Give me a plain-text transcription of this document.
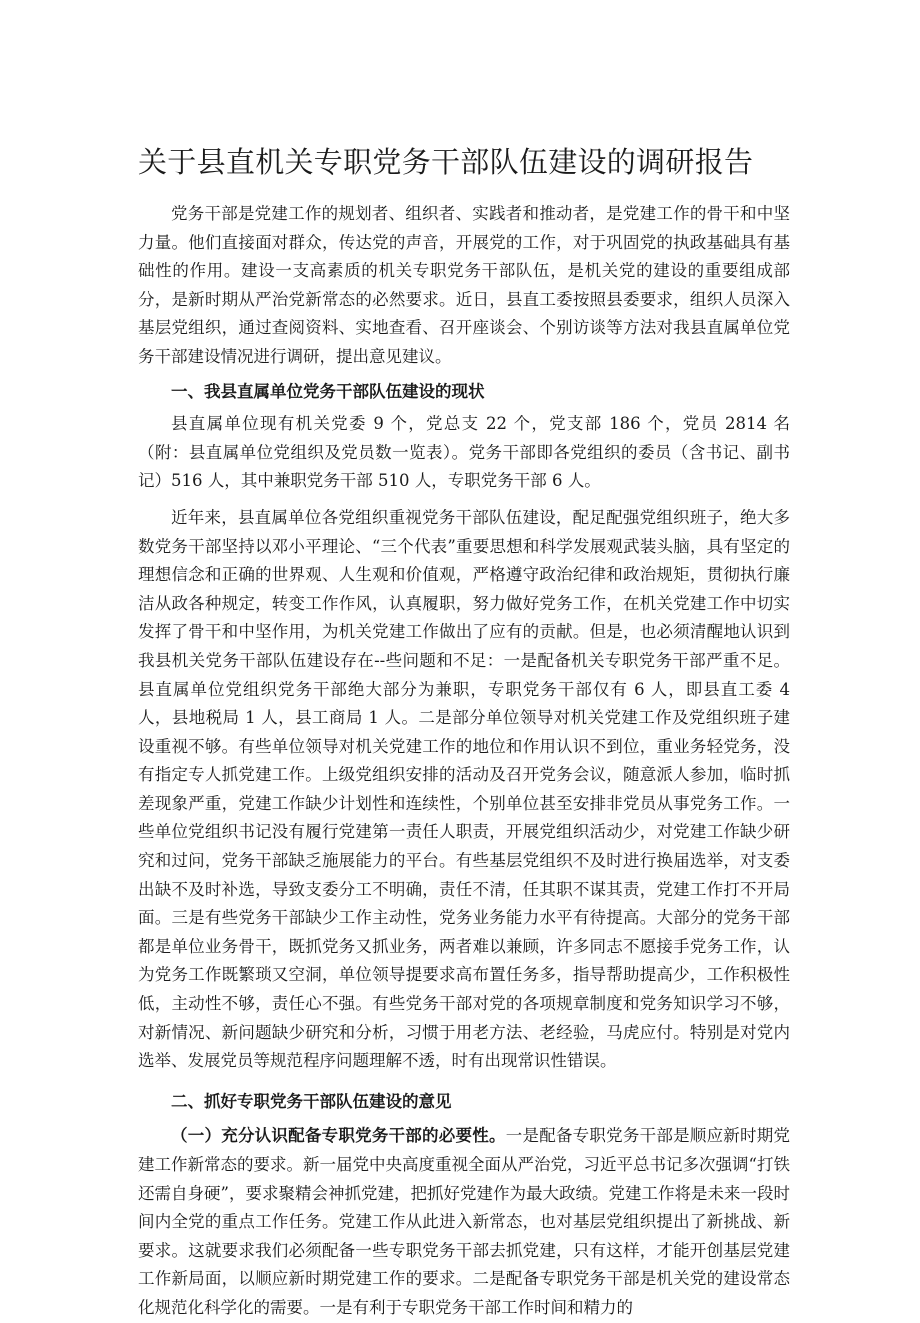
关于县直机关专职党务干部队伍建设的调研报告

党务干部是党建工作的规划者、组织者、实践者和推动者，是党建工作的骨干和中坚力量。他们直接面对群众，传达党的声音，开展党的工作，对于巩固党的执政基础具有基础性的作用。建设一支高素质的机关专职党务干部队伍，是机关党的建设的重要组成部分，是新时期从严治党新常态的必然要求。近日，县直工委按照县委要求，组织人员深入基层党组织，通过查阅资料、实地查看、召开座谈会、个别访谈等方法对我县直属单位党务干部建设情况进行调研，提出意见建议。

一、我县直属单位党务干部队伍建设的现状

县直属单位现有机关党委 9 个，党总支 22 个，党支部 186 个，党员 2814 名（附：县直属单位党组织及党员数一览表）。党务干部即各党组织的委员（含书记、副书记）516 人，其中兼职党务干部 510 人，专职党务干部 6 人。

近年来，县直属单位各党组织重视党务干部队伍建设，配足配强党组织班子，绝大多数党务干部坚持以邓小平理论、“三个代表”重要思想和科学发展观武装头脑，具有坚定的理想信念和正确的世界观、人生观和价值观，严格遵守政治纪律和政治规矩，贯彻执行廉洁从政各种规定，转变工作作风，认真履职，努力做好党务工作，在机关党建工作中切实发挥了骨干和中坚作用，为机关党建工作做出了应有的贡献。但是，也必须清醒地认识到我县机关党务干部队伍建设存在--些问题和不足：一是配备机关专职党务干部严重不足。县直属单位党组织党务干部绝大部分为兼职，专职党务干部仅有 6 人，即县直工委 4 人，县地税局 1 人，县工商局 1 人。二是部分单位领导对机关党建工作及党组织班子建设重视不够。有些单位领导对机关党建工作的地位和作用认识不到位，重业务轻党务，没有指定专人抓党建工作。上级党组织安排的活动及召开党务会议，随意派人参加，临时抓差现象严重，党建工作缺少计划性和连续性，个别单位甚至安排非党员从事党务工作。一些单位党组织书记没有履行党建第一责任人职责，开展党组织活动少，对党建工作缺少研究和过问，党务干部缺乏施展能力的平台。有些基层党组织不及时进行换届选举，对支委出缺不及时补选，导致支委分工不明确，责任不清，任其职不谋其责，党建工作打不开局面。三是有些党务干部缺少工作主动性，党务业务能力水平有待提高。大部分的党务干部都是单位业务骨干，既抓党务又抓业务，两者难以兼顾，许多同志不愿接手党务工作，认为党务工作既繁琐又空洞，单位领导提要求高布置任务多，指导帮助提高少，工作积极性低，主动性不够，责任心不强。有些党务干部对党的各项规章制度和党务知识学习不够，对新情况、新问题缺少研究和分析，习惯于用老方法、老经验，马虎应付。特别是对党内选举、发展党员等规范程序问题理解不透，时有出现常识性错误。

二、抓好专职党务干部队伍建设的意见

（一）充分认识配备专职党务干部的必要性。一是配备专职党务干部是顺应新时期党建工作新常态的要求。新一届党中央高度重视全面从严治党，习近平总书记多次强调“打铁还需自身硬”，要求聚精会神抓党建，把抓好党建作为最大政绩。党建工作将是未来一段时间内全党的重点工作任务。党建工作从此进入新常态，也对基层党组织提出了新挑战、新要求。这就要求我们必须配备一些专职党务干部去抓党建，只有这样，才能开创基层党建工作新局面，以顺应新时期党建工作的要求。二是配备专职党务干部是机关党的建设常态化规范化科学化的需要。一是有利于专职党务干部工作时间和精力的
